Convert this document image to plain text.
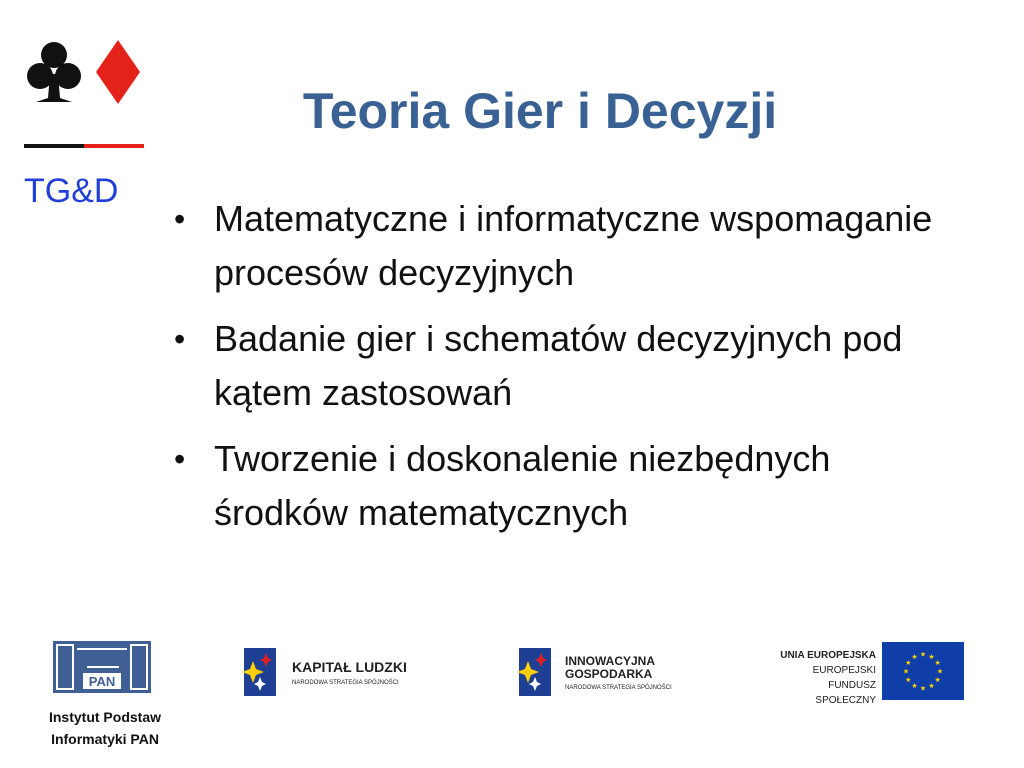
TG&D
Teoria Gier i Decyzji
• Matematyczne i informatyczne wspomaganie procesów decyzyjnych
• Badanie gier i schematów decyzyjnych pod kątem zastosowań
• Tworzenie i doskonalenie niezbędnych środków matematycznych
PAN
Instytut Podstaw
Informatyki PAN
KAPITAŁ LUDZKI
NARODOWA STRATEGIA SPÓJNOŚCI
INNOWACYJNA
GOSPODARKA
NARODOWA STRATEGIA SPÓJNOŚCI
UNIA EUROPEJSKA
EUROPEJSKI
FUNDUSZ SPOŁECZNY
★
★
★
★
★
★
★
★
★ ★ ★
★
